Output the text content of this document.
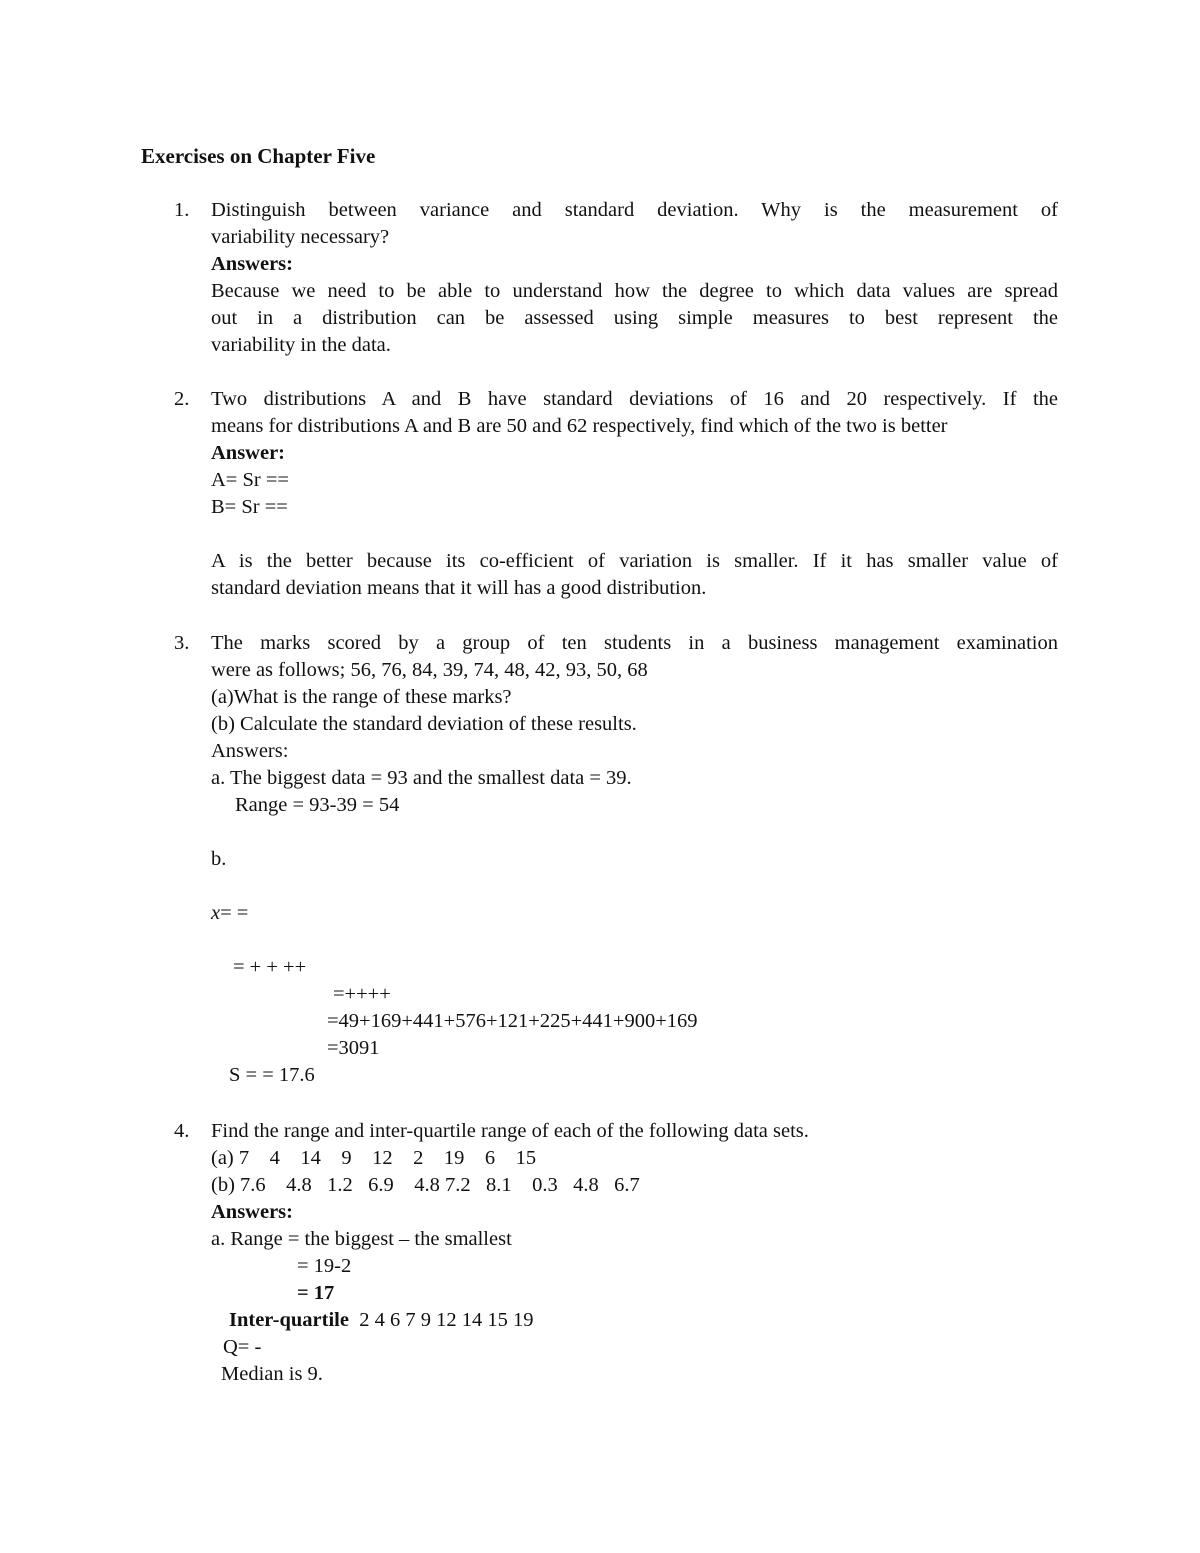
Exercises on Chapter Five
1. Distinguish between variance and standard deviation. Why is the measurement of
variability necessary?
Answers:
Because we need to be able to understand how the degree to which data values are spread
out in a distribution can be assessed using simple measures to best represent the
variability in the data.
2. Two distributions A and B have standard deviations of 16 and 20 respectively. If the
means for distributions A and B are 50 and 62 respectively, find which of the two is better
Answer:
A= Sr ==
B= Sr ==
A is the better because its co-efficient of variation is smaller. If it has smaller value of
standard deviation means that it will has a good distribution.
3. The marks scored by a group of ten students in a business management examination
were as follows; 56, 76, 84, 39, 74, 48, 42, 93, 50, 68
(a)What is the range of these marks?
(b) Calculate the standard deviation of these results.
Answers:
a. The biggest data = 93 and the smallest data = 39.
Range = 93-39 = 54
b.
x= =
= + + ++
=++++
=49+169+441+576+121+225+441+900+169
=3091
S = = 17.6
4. Find the range and inter-quartile range of each of the following data sets.
(a) 7    4    14    9    12    2    19    6    15
(b) 7.6    4.8   1.2   6.9    4.8 7.2   8.1    0.3   4.8   6.7
Answers:
a. Range = the biggest – the smallest
= 19-2
= 17
Inter-quartile 2 4 6 7 9 12 14 15 19
Q= -
Median is 9.
